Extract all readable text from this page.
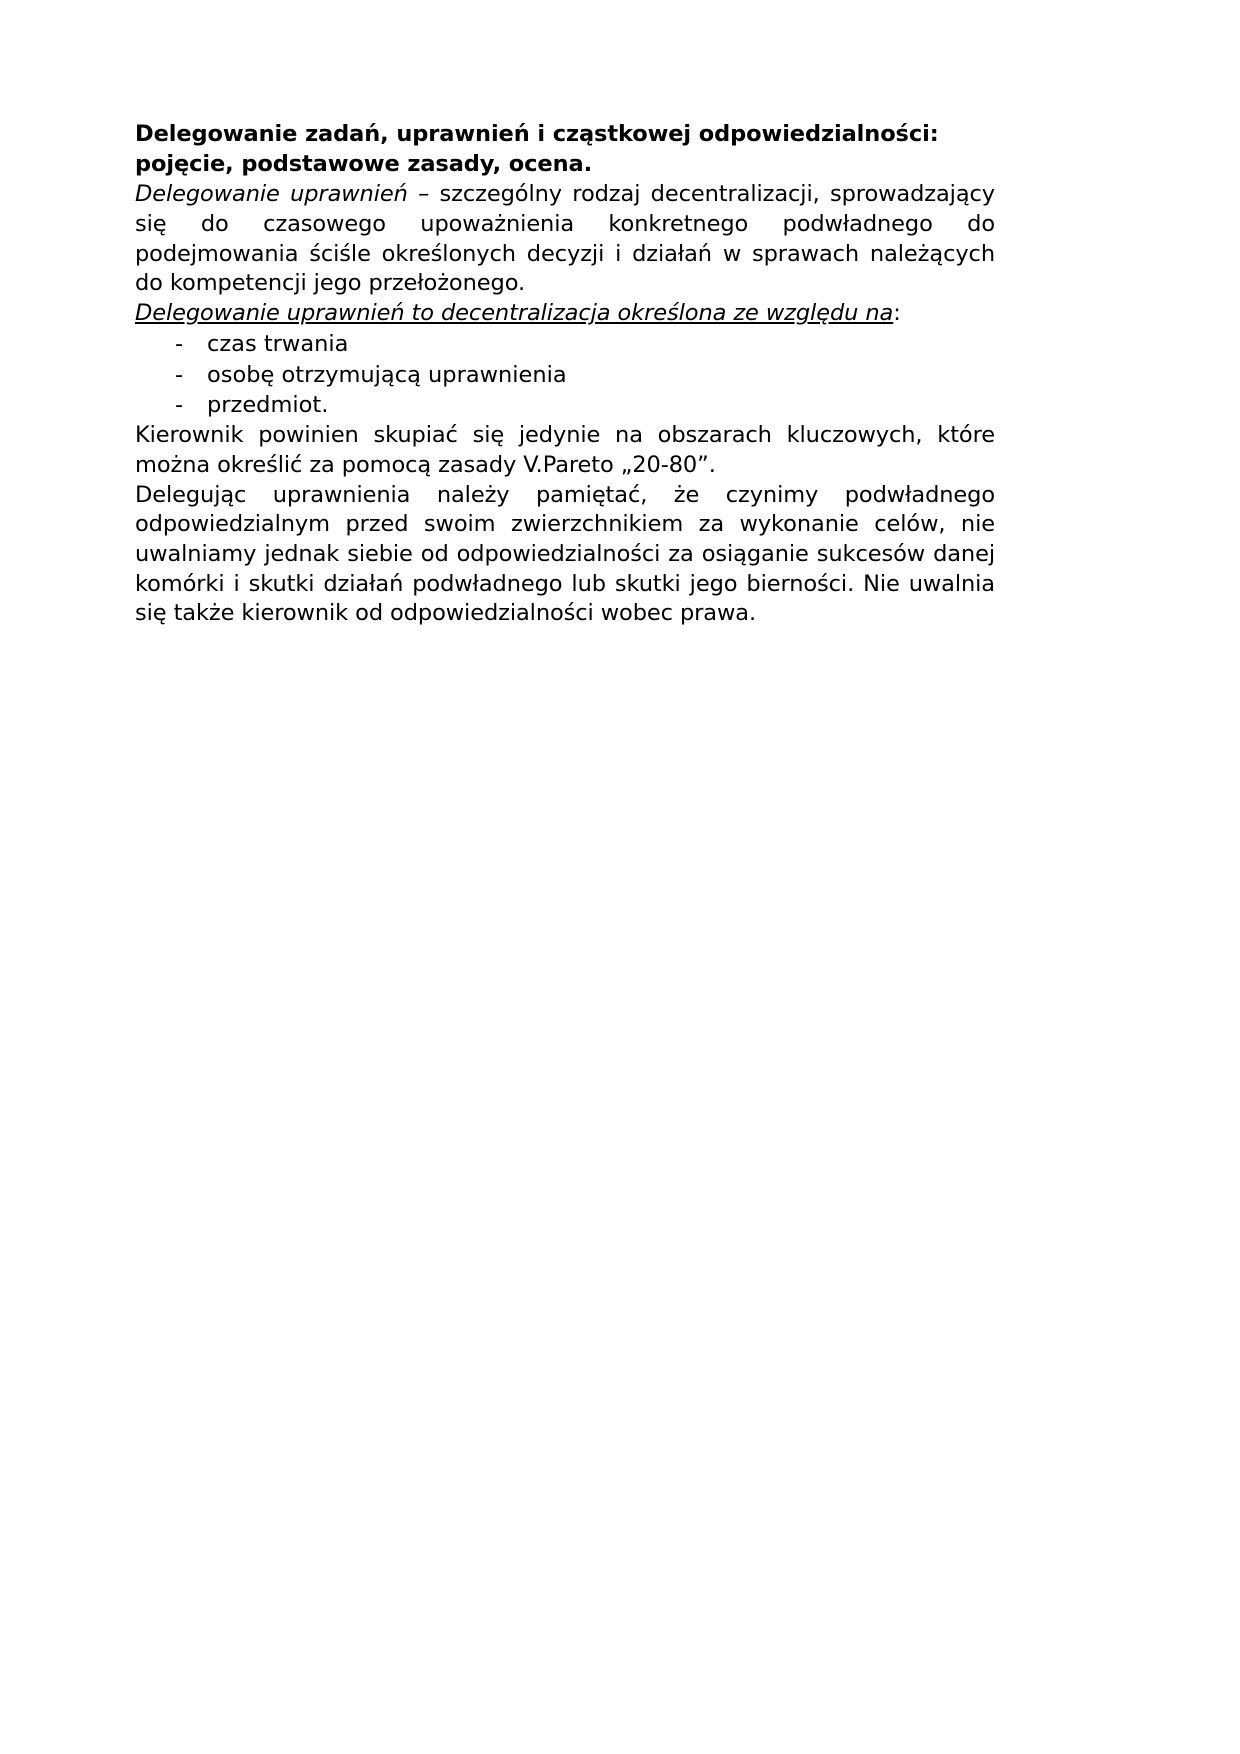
Delegowanie zadań, uprawnień i cząstkowej odpowiedzialności:
pojęcie, podstawowe zasady, ocena.

Delegowanie uprawnień – szczególny rodzaj decentralizacji, sprowadzający się do czasowego upoważnienia konkretnego podwładnego do podejmowania ściśle określonych decyzji i działań w sprawach należących do kompetencji jego przełożonego.

Delegowanie uprawnień to decentralizacja określona ze względu na:

- czas trwania
- osobę otrzymującą uprawnienia
- przedmiot.

Kierownik powinien skupiać się jedynie na obszarach kluczowych, które można określić za pomocą zasady V.Pareto „20-80”.

Delegując uprawnienia należy pamiętać, że czynimy podwładnego odpowiedzialnym przed swoim zwierzchnikiem za wykonanie celów, nie uwalniamy jednak siebie od odpowiedzialności za osiąganie sukcesów danej komórki i skutki działań podwładnego lub skutki jego bierności. Nie uwalnia się także kierownik od odpowiedzialności wobec prawa.
